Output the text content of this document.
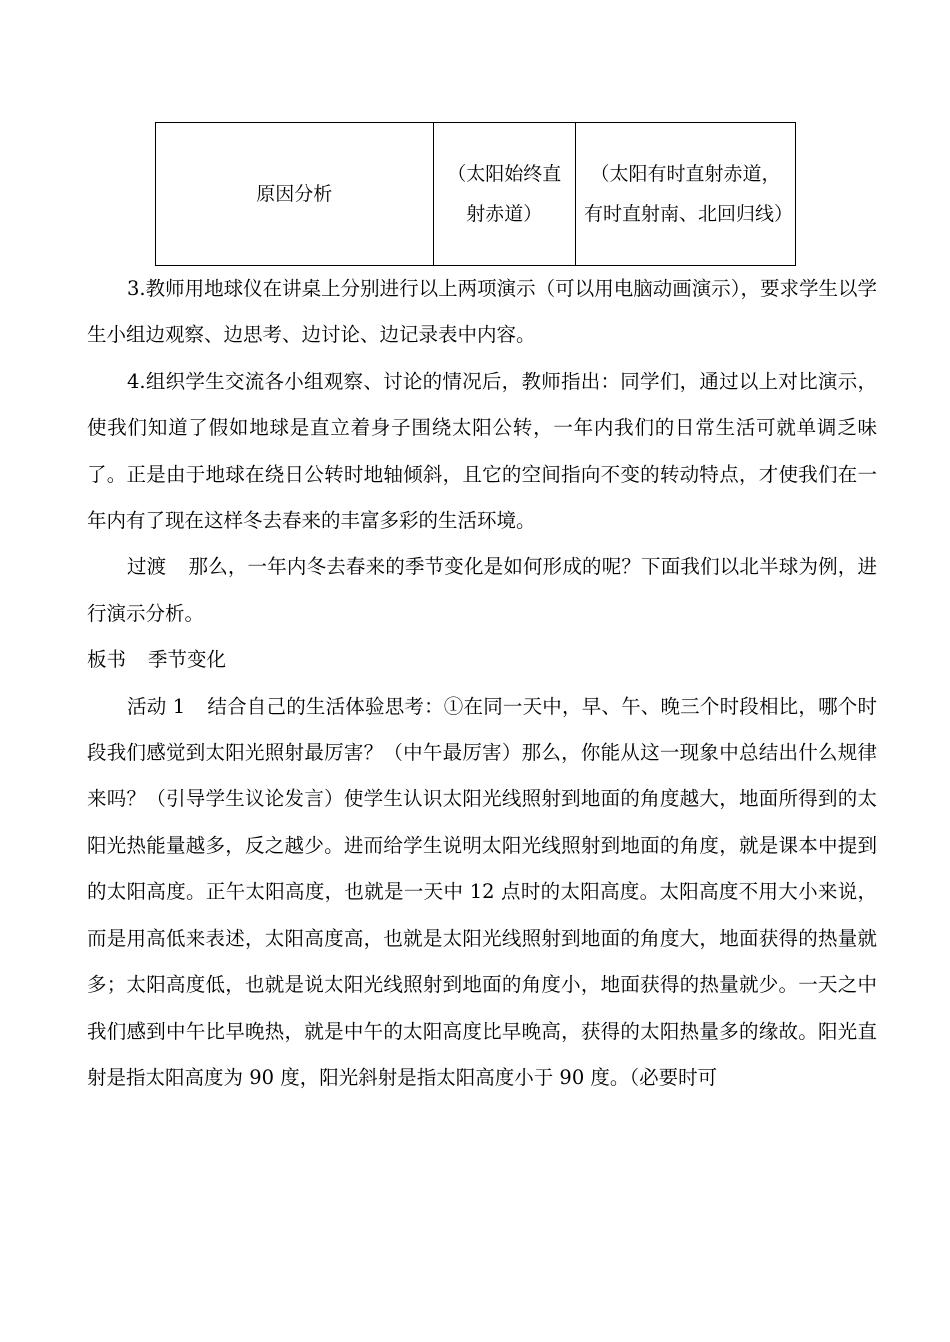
原因分析	（太阳始终直射赤道）	（太阳有时直射赤道，有时直射南、北回归线）

3.教师用地球仪在讲桌上分别进行以上两项演示（可以用电脑动画演示），要求学生以学生小组边观察、边思考、边讨论、边记录表中内容。

4.组织学生交流各小组观察、讨论的情况后，教师指出：同学们，通过以上对比演示，使我们知道了假如地球是直立着身子围绕太阳公转，一年内我们的日常生活可就单调乏味了。正是由于地球在绕日公转时地轴倾斜，且它的空间指向不变的转动特点，才使我们在一年内有了现在这样冬去春来的丰富多彩的生活环境。

过渡 那么，一年内冬去春来的季节变化是如何形成的呢？下面我们以北半球为例，进行演示分析。

板书 季节变化

活动 1 结合自己的生活体验思考：①在同一天中，早、午、晚三个时段相比，哪个时段我们感觉到太阳光照射最厉害？（中午最厉害）那么，你能从这一现象中总结出什么规律来吗？（引导学生议论发言）使学生认识太阳光线照射到地面的角度越大，地面所得到的太阳光热能量越多，反之越少。进而给学生说明太阳光线照射到地面的角度，就是课本中提到的太阳高度。正午太阳高度，也就是一天中 12 点时的太阳高度。太阳高度不用大小来说，而是用高低来表述，太阳高度高，也就是太阳光线照射到地面的角度大，地面获得的热量就多；太阳高度低，也就是说太阳光线照射到地面的角度小，地面获得的热量就少。一天之中我们感到中午比早晚热，就是中午的太阳高度比早晚高，获得的太阳热量多的缘故。阳光直射是指太阳高度为 90 度，阳光斜射是指太阳高度小于 90 度。（必要时可
